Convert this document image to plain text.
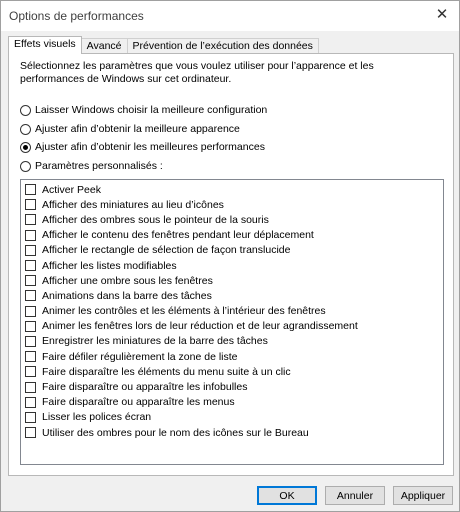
Options de performances	✕
Effets visuels	Avancé	Prévention de l’exécution des données
Sélectionnez les paramètres que vous voulez utiliser pour l’apparence et les performances de Windows sur cet ordinateur.
Laisser Windows choisir la meilleure configuration
Ajuster afin d’obtenir la meilleure apparence
Ajuster afin d’obtenir les meilleures performances
Paramètres personnalisés :
Activer Peek
Afficher des miniatures au lieu d’icônes
Afficher des ombres sous le pointeur de la souris
Afficher le contenu des fenêtres pendant leur déplacement
Afficher le rectangle de sélection de façon translucide
Afficher les listes modifiables
Afficher une ombre sous les fenêtres
Animations dans la barre des tâches
Animer les contrôles et les éléments à l’intérieur des fenêtres
Animer les fenêtres lors de leur réduction et de leur agrandissement
Enregistrer les miniatures de la barre des tâches
Faire défiler régulièrement la zone de liste
Faire disparaître les éléments du menu suite à un clic
Faire disparaître ou apparaître les infobulles
Faire disparaître ou apparaître les menus
Lisser les polices écran
Utiliser des ombres pour le nom des icônes sur le Bureau
OK	Annuler	Appliquer
